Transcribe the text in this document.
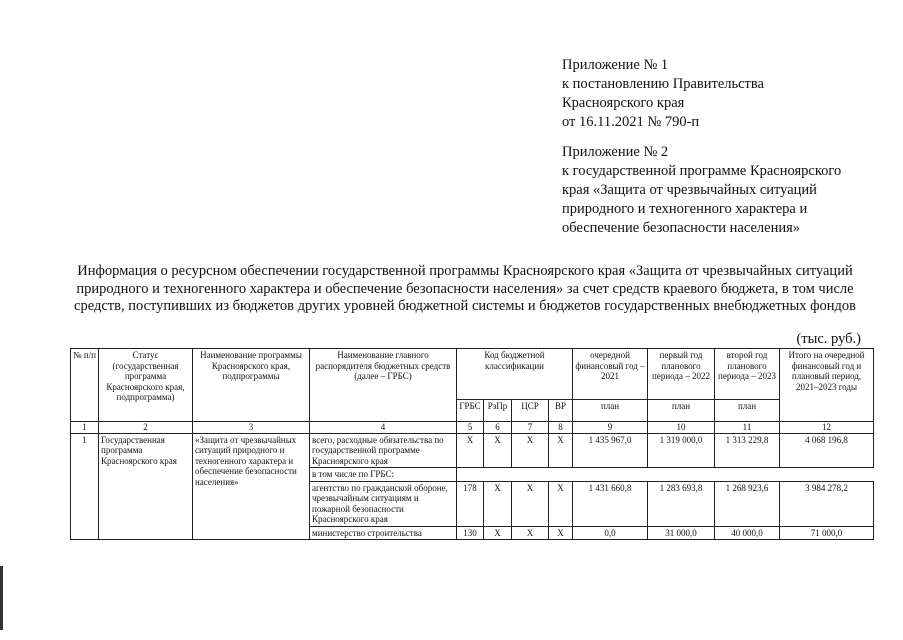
Приложение № 1
к постановлению Правительства
Красноярского края
от 16.11.2021 № 790-п
Приложение № 2
к государственной программе Красноярского
края «Защита от чрезвычайных ситуаций
природного и техногенного характера и
обеспечение безопасности населения»
Информация о ресурсном обеспечении государственной программы Красноярского края «Защита от чрезвычайных ситуаций природного и техногенного характера и обеспечение безопасности населения» за счет средств краевого бюджета, в том числе средств, поступивших из бюджетов других уровней бюджетной системы и бюджетов государственных внебюджетных фондов
(тыс. руб.)
№ п/п	Статус (государственная программа Красноярского края, подпрограмма)	Наименование программы Красноярского края, подпрограммы	Наименование главного распорядителя бюджетных средств (далее – ГРБС)	Код бюджетной классификации				очередной финансовый год – 2021	первый год планового периода – 2022	второй год планового периода – 2023	Итого на очередной финансовый год и плановый период, 2021–2023 годы
				ГРБС	РзПр	ЦСР	ВР	план	план	план	
1	2	3	4	5	6	7	8	9	10	11	12
1	Государственная программа Красноярского края	«Защита от чрезвычайных ситуаций природного и техногенного характера и обеспечение безопасности населения»	всего, расходные обязательства по государственной программе Красноярского края	Х	Х	Х	Х	1 435 967,0	1 319 000,0	1 313 229,8	4 068 196,8
			в том числе по ГРБС:								
			агентство по гражданской обороне, чрезвычайным ситуациям и пожарной безопасности Красноярского края	178	Х	Х	Х	1 431 660,8	1 283 693,8	1 268 923,6	3 984 278,2
			министерство строительства	130	Х	Х	Х	0,0	31 000,0	40 000,0	71 000,0
